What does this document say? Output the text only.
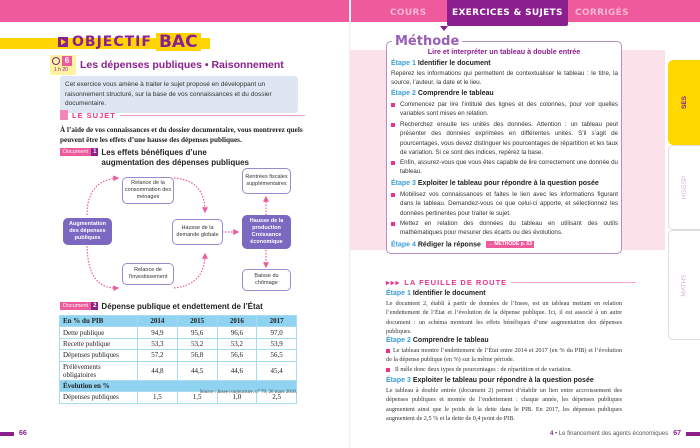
OBJECTIF BAC
6
1 h 20 Les dépenses publiques • Raisonnement
Cet exercice vous amène à traiter le sujet proposé en développant un raisonnement structuré, sur la base de vos connaissances et du dossier documentaire.
LE SUJET
À l’aide de vos connaissances et du dossier documentaire, vous montrerez quels peuvent être les effets d’une hausse des dépenses publiques.
Document 1 Les effets bénéfiques d’une augmentation des dépenses publiques
Relance de la consommation des ménages
Augmentation des dépenses publiques
Hausse de la demande globale
Relance de l’investissement
Hausse de la production Croissance économique
Rentrées fiscales supplémentaires
Baisse du chômage
Document 2 Dépense publique et endettement de l’État
En % du PIB	2014	2015	2016	2017
Dette publique	94,9	95,6	96,6	97,0
Recette publique	53,3	53,2	53,2	53,9
Dépenses publiques	57,2	56,8	56,6	56,5
Prélèvements obligatoires	44,8	44,5	44,6	45,4
Évolution en %				
Dépenses publiques	1,5	1,5	1,0	2,5
Source : Insee conjoncture, n° 79, 26 mars 2018.
66
COURS	EXERCICES & SUJETS	CORRIGÉS
Méthode
Lire et interpréter un tableau à double entrée
Étape 1 Identifier le document
Repérez les informations qui permettent de contextualiser le tableau : le titre, la source, l’auteur, la date et le lieu.
Étape 2 Comprendre le tableau
Commencez par lire l’intitulé des lignes et des colonnes, pour voir quelles variables sont mises en relation.
Recherchez ensuite les unités des données. Attention : un tableau peut présenter des données exprimées en différentes unités. S’il s’agit de pourcentages, vous devez distinguer les pourcentages de répartition et les taux de variation. Si ce sont des indices, repérez la base.
Enfin, assurez-vous que vous êtes capable de lire correctement une donnée du tableau.
Étape 3 Exploiter le tableau pour répondre à la question posée
Mobilisez vos connaissances et faites le lien avec les informations figurant dans le tableau. Demandez-vous ce que celui-ci apporte, et sélectionnez les données pertinentes pour traiter le sujet.
Mettez en relation des données du tableau en utilisant des outils mathématiques pour mesurer des écarts ou des évolutions.
Étape 4 Rédiger la réponse → MÉTHODE p. 63
▸▸▸ LA FEUILLE DE ROUTE
Étape 1 Identifier le document
Le document 2, établi à partir de données de l’Insee, est un tableau mettant en relation l’endettement de l’État et l’évolution de la dépense publique. Ici, il est associé à un autre document : un schéma montrant les effets bénéfiques d’une augmentation des dépenses publiques.
Étape 2 Comprendre le tableau
Le tableau montre l’endettement de l’État entre 2014 et 2017 (en % du PIB) et l’évolution de la dépense publique (en %) sur la même période.
Il mêle donc deux types de pourcentages : de répartition et de variation.
Étape 3 Exploiter le tableau pour répondre à la question posée
Le tableau à double entrée (document 2) permet d’établir un lien entre accroissement des dépenses publiques et montée de l’endettement : chaque année, les dépenses publiques augmentent ainsi que le poids de la dette dans le PIB. En 2017, les dépenses publiques augmentent de 2,5 % et la dette de 0,4 point de PIB.
SES
HGGSP
MATHS
4 • Le financement des agents économiques 67
